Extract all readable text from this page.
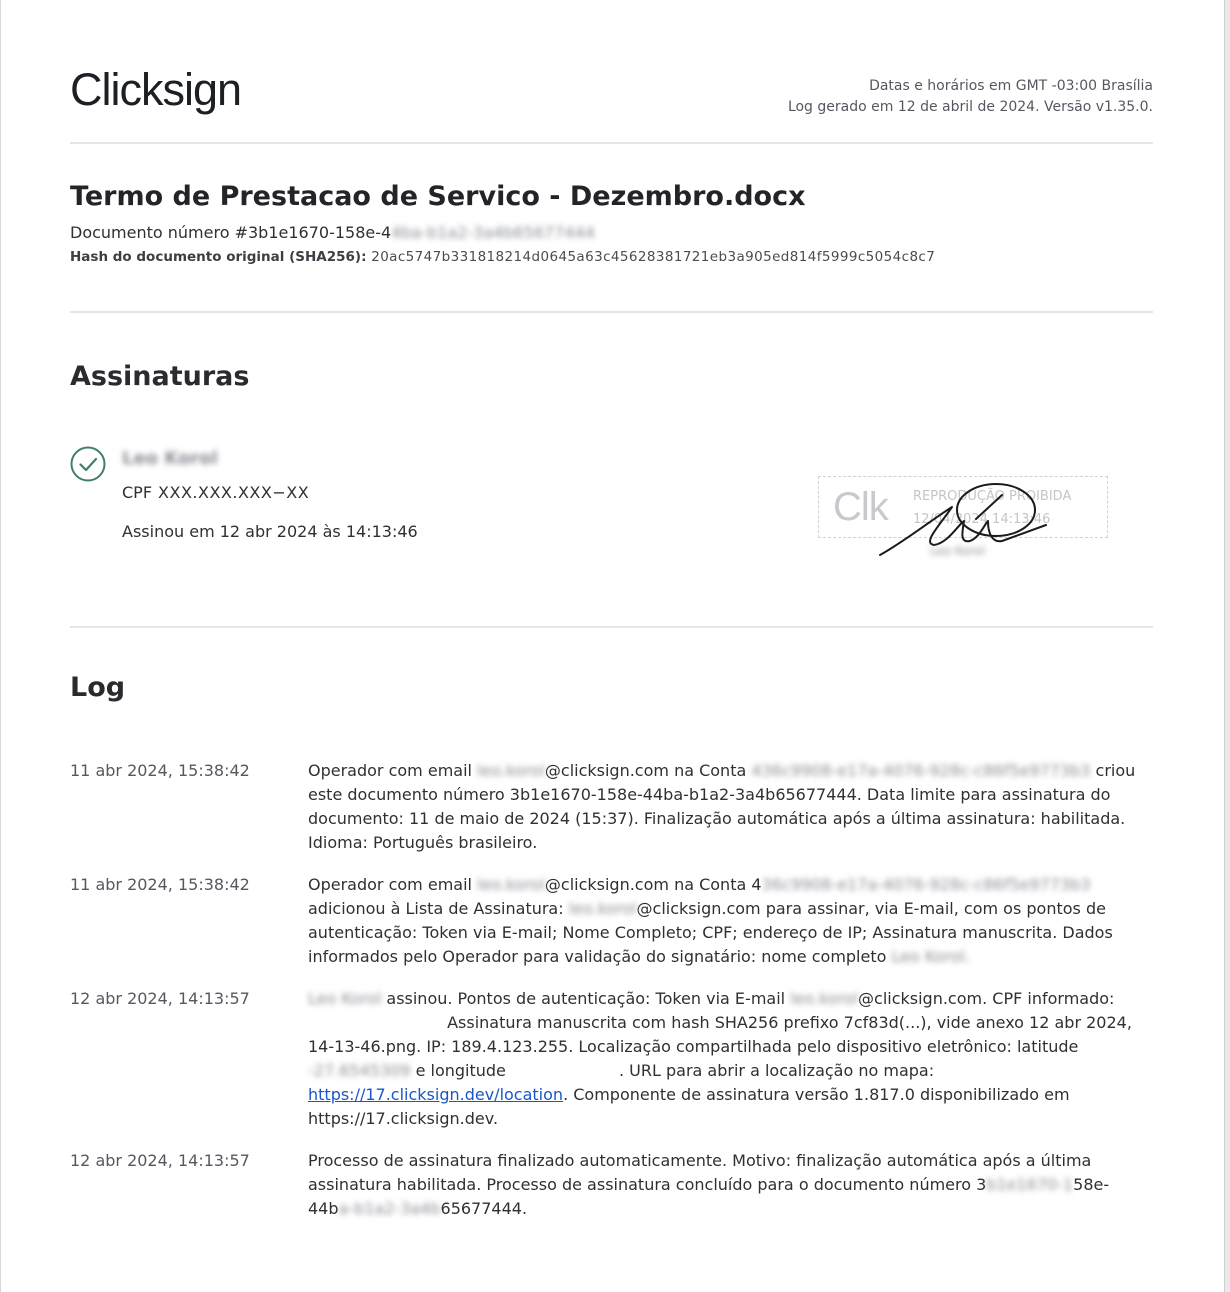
Clicksign	Datas e horários em GMT -03:00 Brasília
Log gerado em 12 de abril de 2024. Versão v1.35.0.
Termo de Prestacao de Servico - Dezembro.docx
Documento número #3b1e1670-158e-44ba-b1a2-3a4b65677444
Hash do documento original (SHA256): 20ac5747b331818214d0645a63c45628381721eb3a905ed814f5999c5054c8c7
Assinaturas
Leo Korol
CPF XXX.XXX.XXX−XX
Assinou em 12 abr 2024 às 14:13:46
Clk REPRODUÇÃO PROIBIDA
12/04/2024 14:13:46
Leo Korol
Log
11 abr 2024, 15:38:42	Operador com email leo.korol@clicksign.com na Conta 436c9908-e17a-4076-928c-c86f5e9773b3 criou este documento número 3b1e1670-158e-44ba-b1a2-3a4b65677444. Data limite para assinatura do documento: 11 de maio de 2024 (15:37). Finalização automática após a última assinatura: habilitada. Idioma: Português brasileiro.
11 abr 2024, 15:38:42	Operador com email leo.korol@clicksign.com na Conta 436c9908-e17a-4076-928c-c86f5e9773b3 adicionou à Lista de Assinatura: leo.korol@clicksign.com para assinar, via E-mail, com os pontos de autenticação: Token via E-mail; Nome Completo; CPF; endereço de IP; Assinatura manuscrita. Dados informados pelo Operador para validação do signatário: nome completo Leo Korol.
12 abr 2024, 14:13:57	Leo Korol assinou. Pontos de autenticação: Token via E-mail leo.korol@clicksign.com. CPF informado:  Assinatura manuscrita com hash SHA256 prefixo 7cf83d(...), vide anexo 12 abr 2024, 14-13-46.png. IP: 189.4.123.255. Localização compartilhada pelo dispositivo eletrônico: latitude -27.6545309 e longitude	. URL para abrir a localização no mapa: https://17.clicksign.dev/location. Componente de assinatura versão 1.817.0 disponibilizado em https://17.clicksign.dev.
12 abr 2024, 14:13:57	Processo de assinatura finalizado automaticamente. Motivo: finalização automática após a última assinatura habilitada. Processo de assinatura concluído para o documento número 3b1e1670-158e-44ba-b1a2-3a4b65677444.
